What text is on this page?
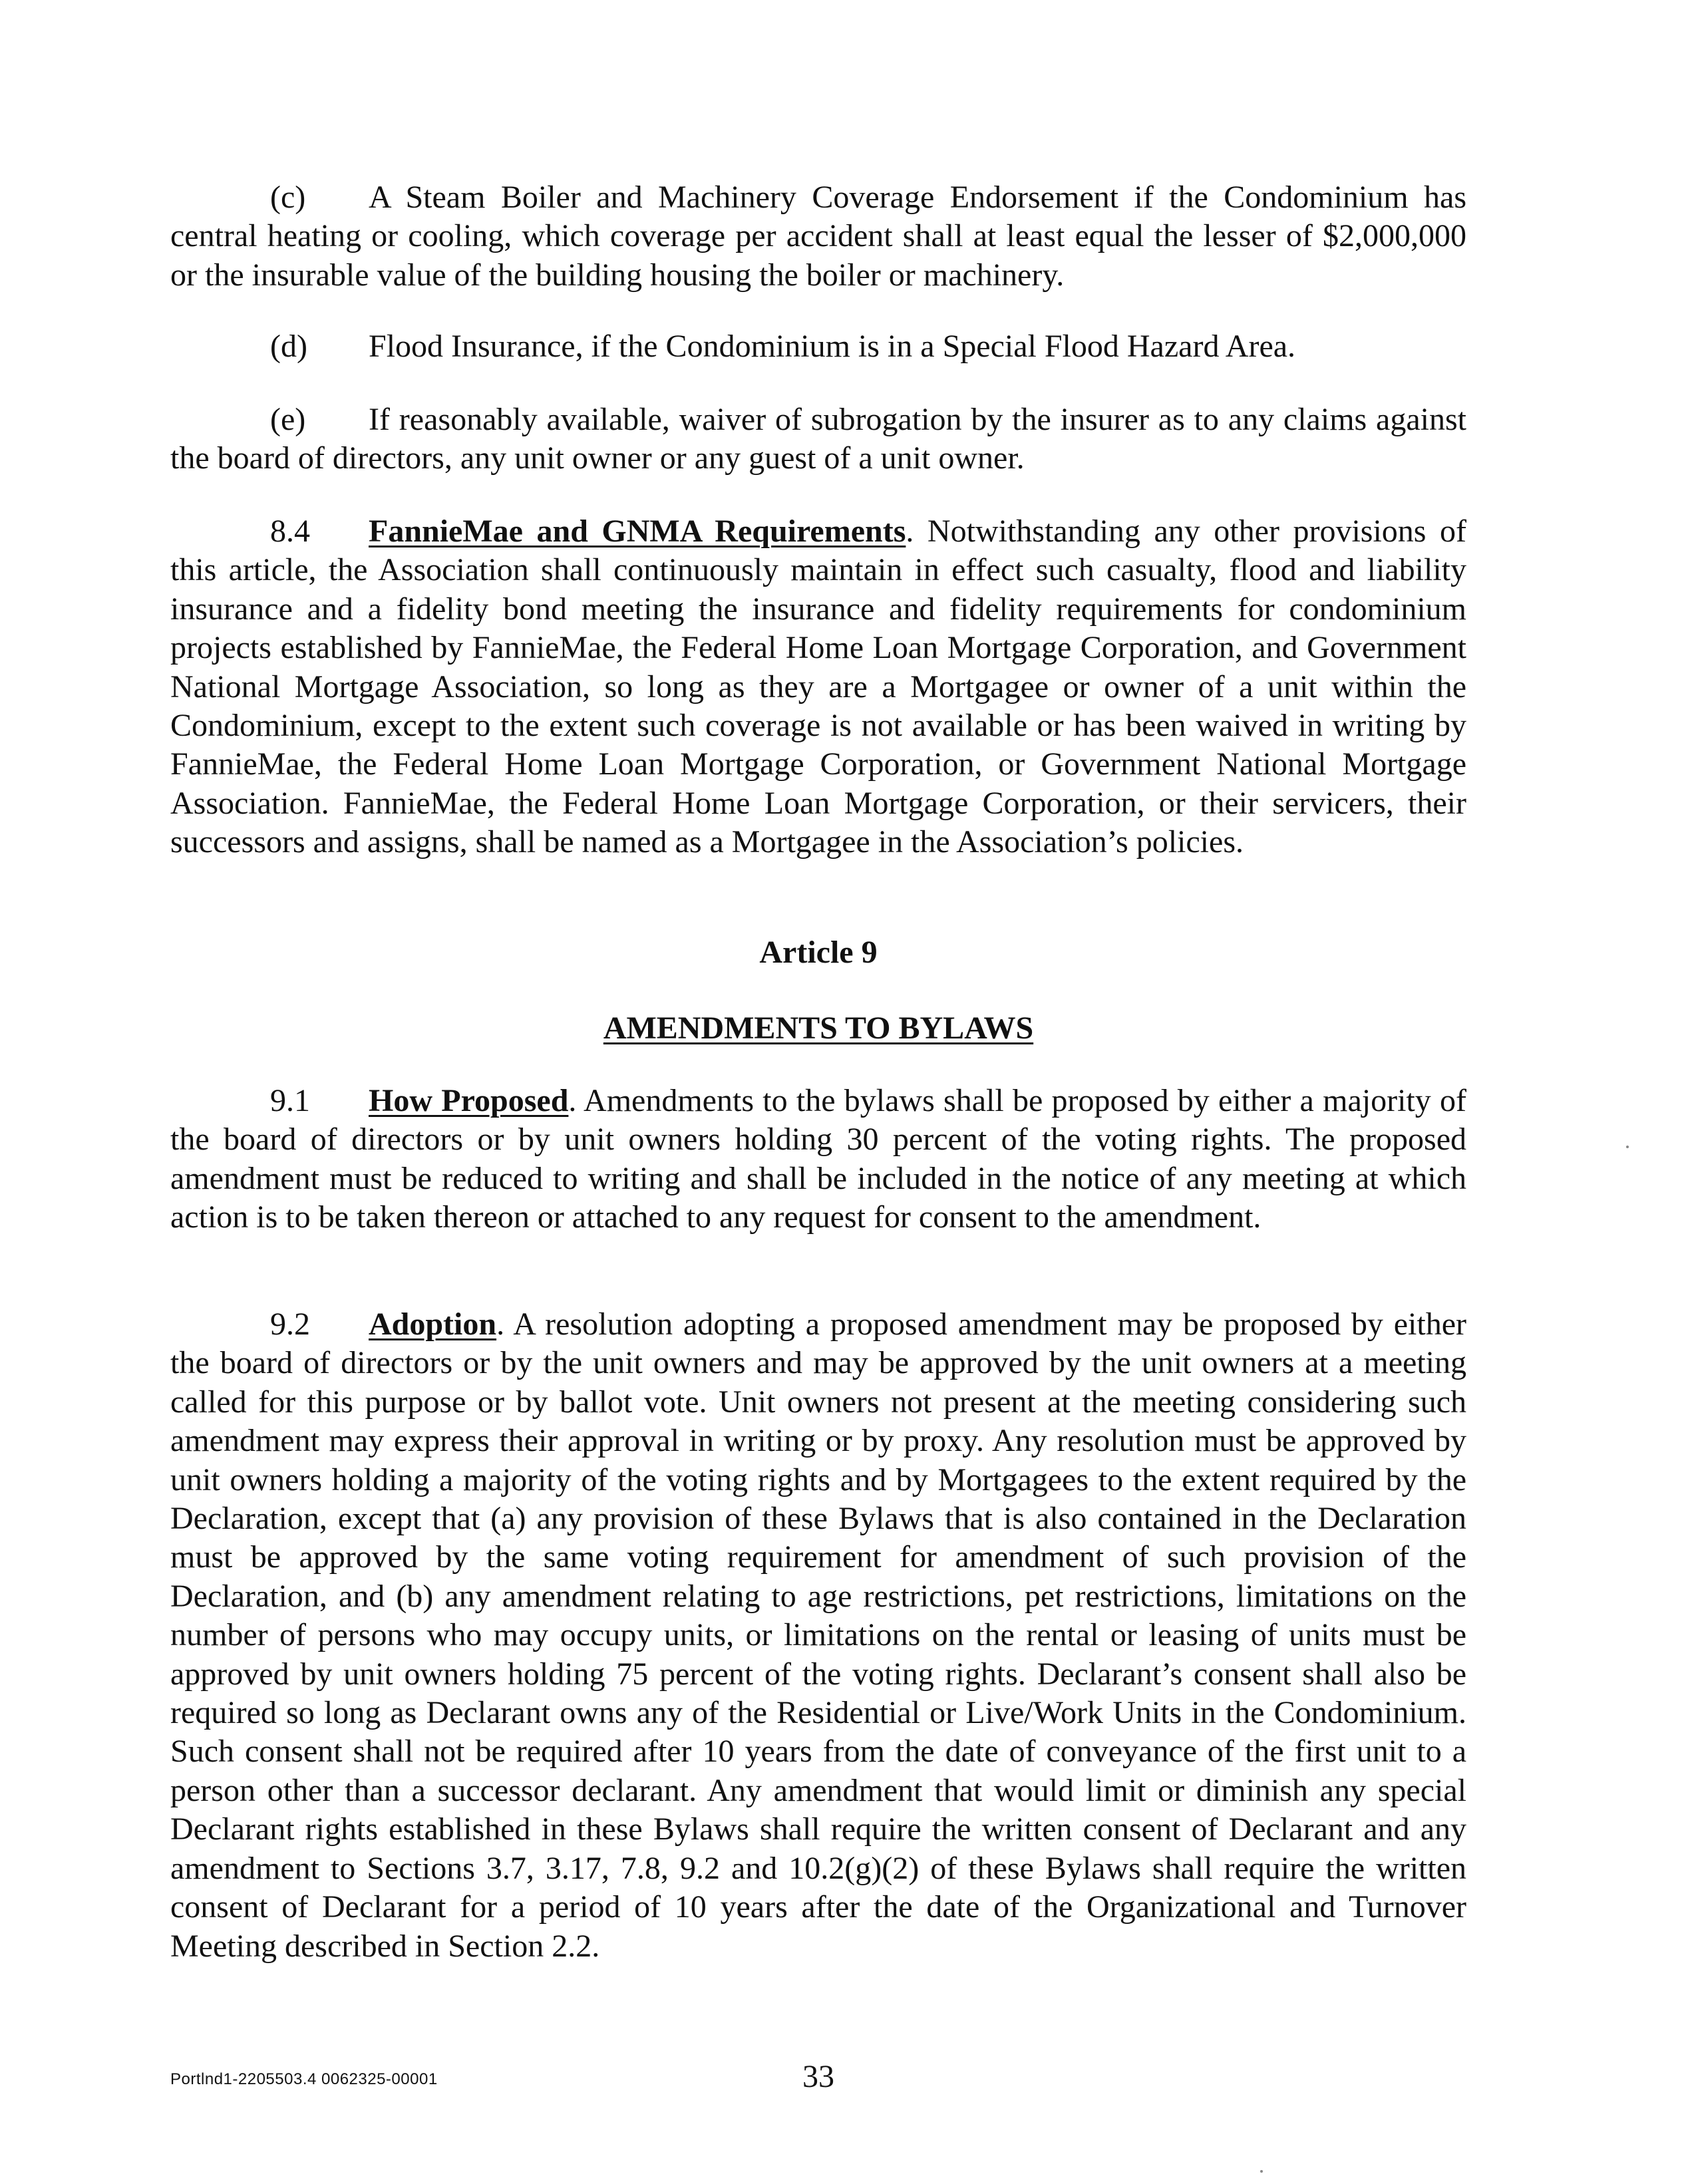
(c) A Steam Boiler and Machinery Coverage Endorsement if the Condominium has central heating or cooling, which coverage per accident shall at least equal the lesser of $2,000,000 or the insurable value of the building housing the boiler or machinery.

(d) Flood Insurance, if the Condominium is in a Special Flood Hazard Area.

(e) If reasonably available, waiver of subrogation by the insurer as to any claims against the board of directors, any unit owner or any guest of a unit owner.

8.4 FannieMae and GNMA Requirements. Notwithstanding any other provisions of this article, the Association shall continuously maintain in effect such casualty, flood and liability insurance and a fidelity bond meeting the insurance and fidelity requirements for condominium projects established by FannieMae, the Federal Home Loan Mortgage Corporation, and Government National Mortgage Association, so long as they are a Mortgagee or owner of a unit within the Condominium, except to the extent such coverage is not available or has been waived in writing by FannieMae, the Federal Home Loan Mortgage Corporation, or Government National Mortgage Association. FannieMae, the Federal Home Loan Mortgage Corporation, or their servicers, their successors and assigns, shall be named as a Mortgagee in the Association’s policies.

Article 9

AMENDMENTS TO BYLAWS

9.1 How Proposed. Amendments to the bylaws shall be proposed by either a majority of the board of directors or by unit owners holding 30 percent of the voting rights. The proposed amendment must be reduced to writing and shall be included in the notice of any meeting at which action is to be taken thereon or attached to any request for consent to the amendment.

9.2 Adoption. A resolution adopting a proposed amendment may be proposed by either the board of directors or by the unit owners and may be approved by the unit owners at a meeting called for this purpose or by ballot vote. Unit owners not present at the meeting considering such amendment may express their approval in writing or by proxy. Any resolution must be approved by unit owners holding a majority of the voting rights and by Mortgagees to the extent required by the Declaration, except that (a) any provision of these Bylaws that is also contained in the Declaration must be approved by the same voting requirement for amendment of such provision of the Declaration, and (b) any amendment relating to age restrictions, pet restrictions, limitations on the number of persons who may occupy units, or limitations on the rental or leasing of units must be approved by unit owners holding 75 percent of the voting rights. Declarant’s consent shall also be required so long as Declarant owns any of the Residential or Live/Work Units in the Condominium. Such consent shall not be required after 10 years from the date of conveyance of the first unit to a person other than a successor declarant. Any amendment that would limit or diminish any special Declarant rights established in these Bylaws shall require the written consent of Declarant and any amendment to Sections 3.7, 3.17, 7.8, 9.2 and 10.2(g)(2) of these Bylaws shall require the written consent of Declarant for a period of 10 years after the date of the Organizational and Turnover Meeting described in Section 2.2.

Portlnd1-2205503.4 0062325-00001	33
